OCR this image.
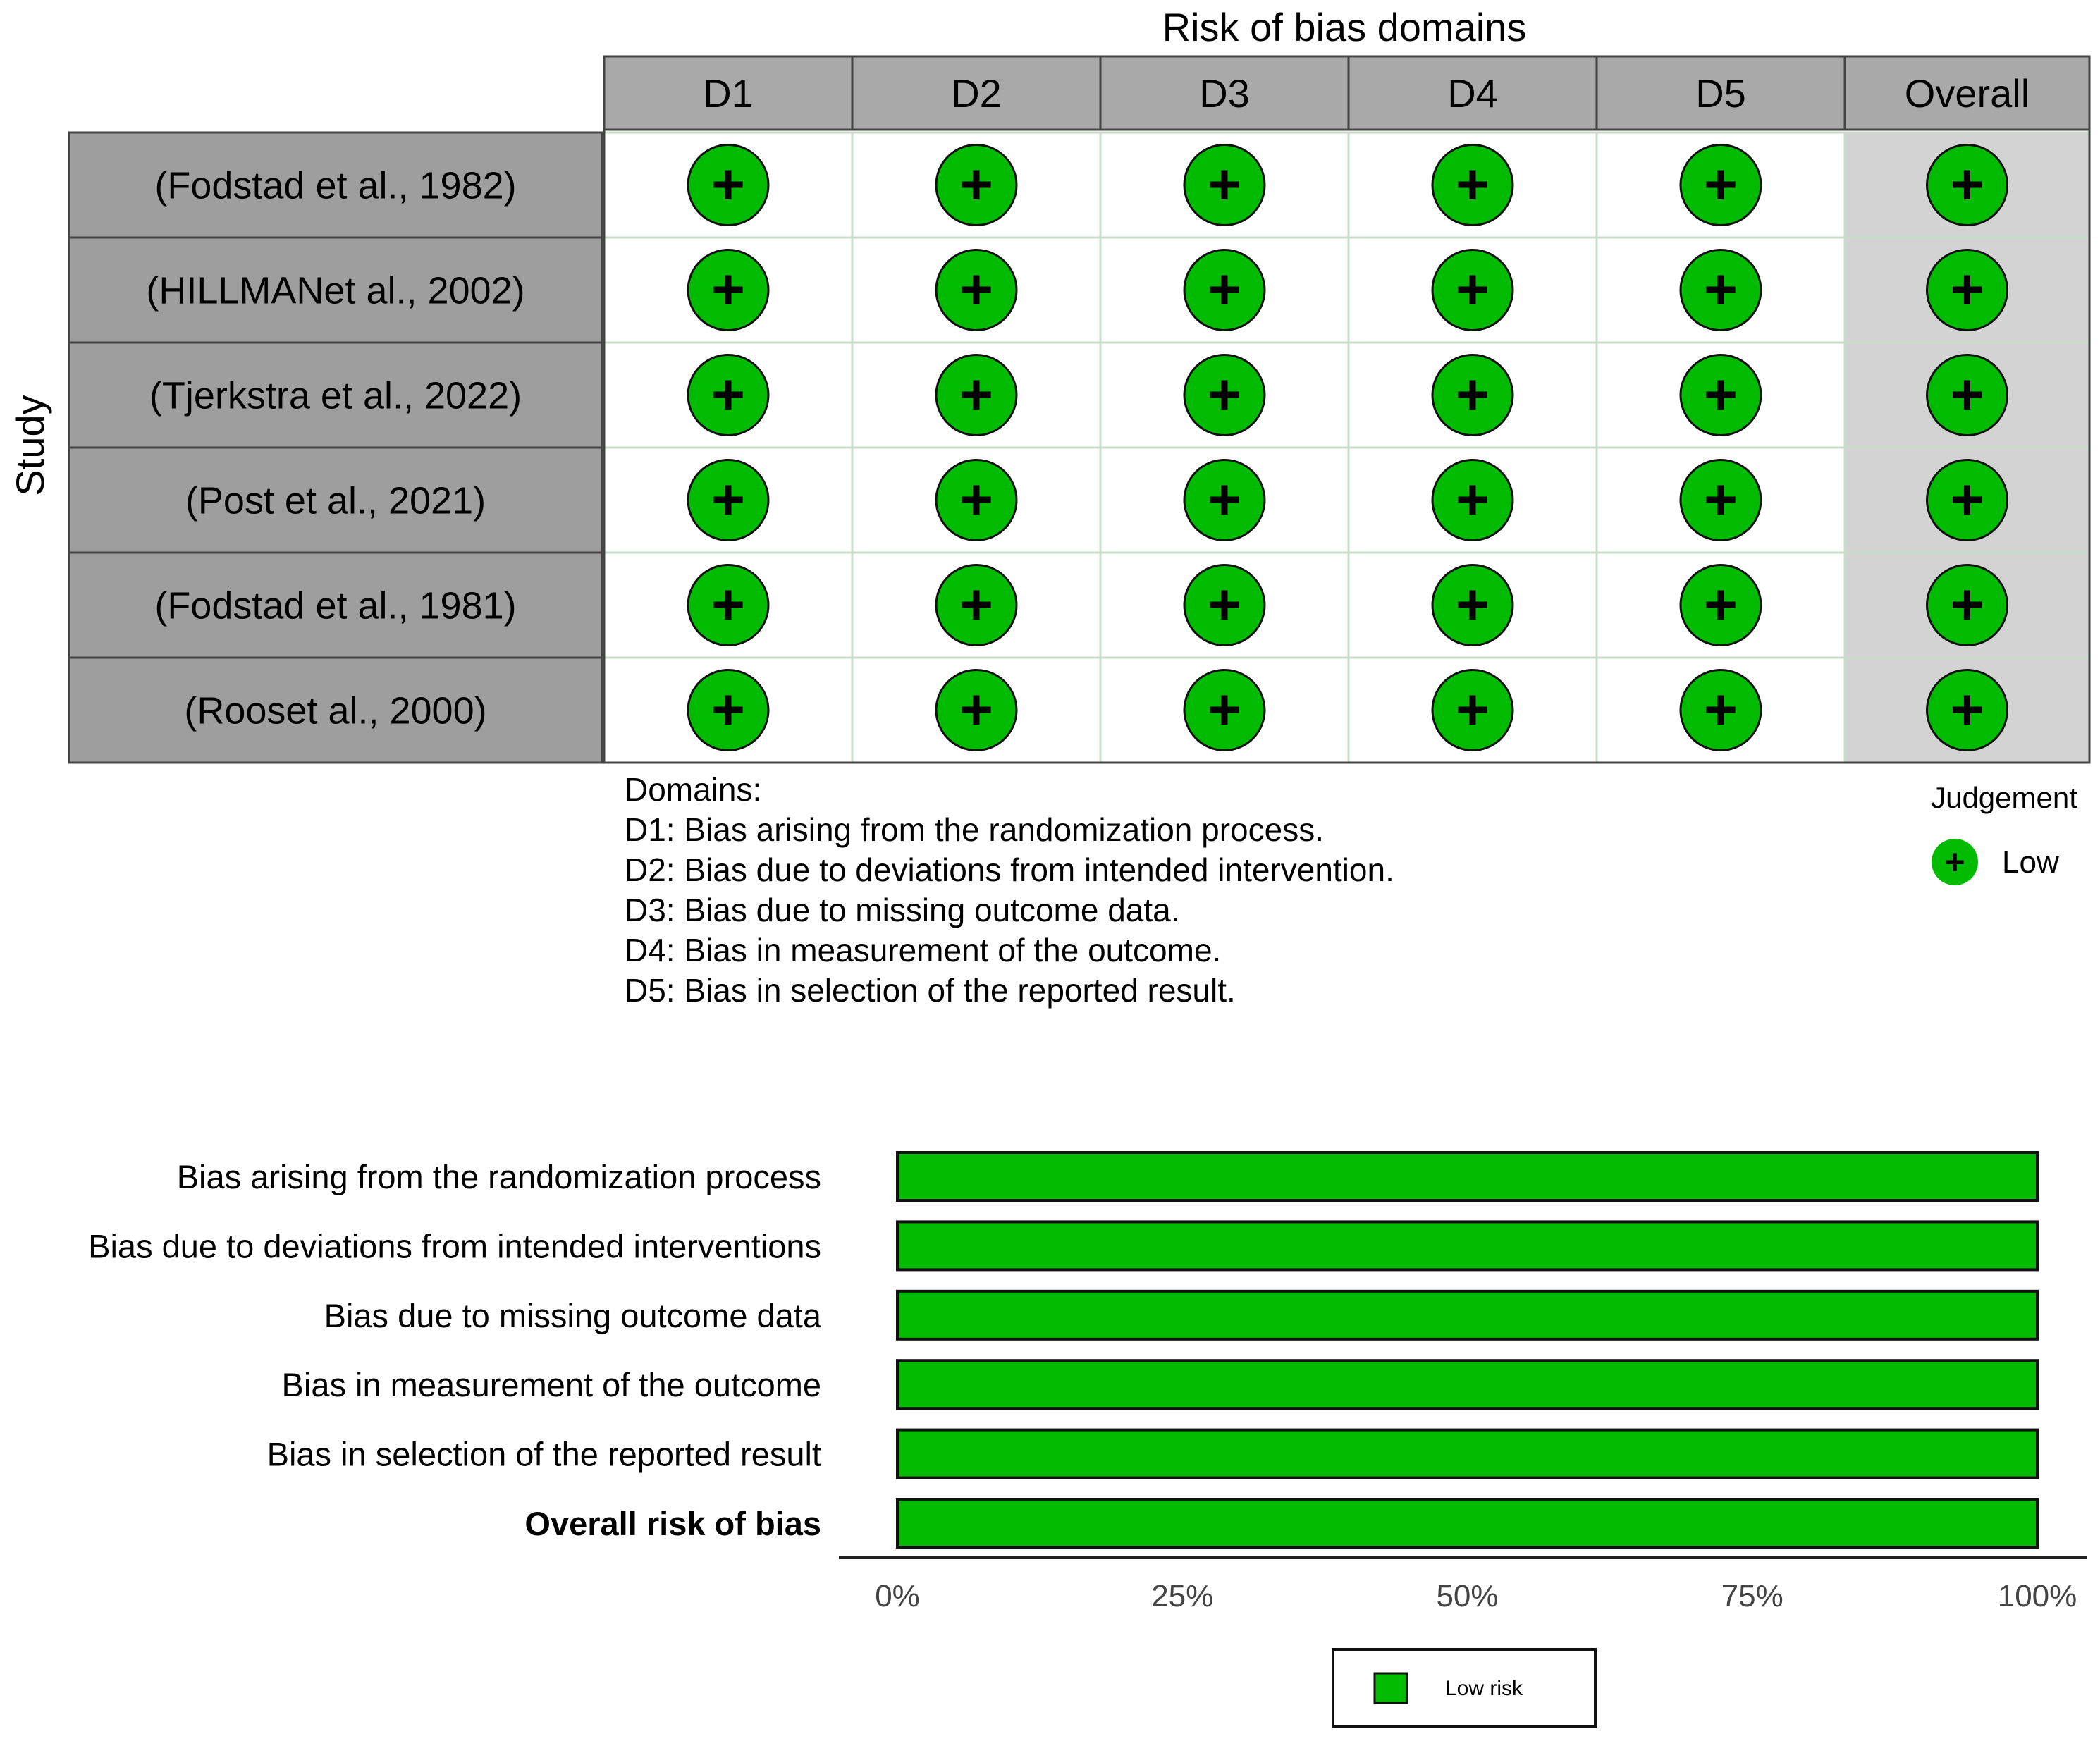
Risk of bias domains
Study
D1	D2	D3	D4	D5	Overall
(Fodstad et al., 1982)	+	+	+	+	+	+
(HILLMANet al., 2002)	+	+	+	+	+	+
(Tjerkstra et al., 2022)	+	+	+	+	+	+
(Post et al., 2021)	+	+	+	+	+	+
(Fodstad et al., 1981)	+	+	+	+	+	+
(Rooset al., 2000)	+	+	+	+	+	+
Domains:
D1: Bias arising from the randomization process.
D2: Bias due to deviations from intended intervention.
D3: Bias due to missing outcome data.
D4: Bias in measurement of the outcome.
D5: Bias in selection of the reported result.
Judgement
+ Low
Bias arising from the randomization process
Bias due to deviations from intended interventions
Bias due to missing outcome data
Bias in measurement of the outcome
Bias in selection of the reported result
Overall risk of bias
0%	25%	50%	75%	100%
Low risk
